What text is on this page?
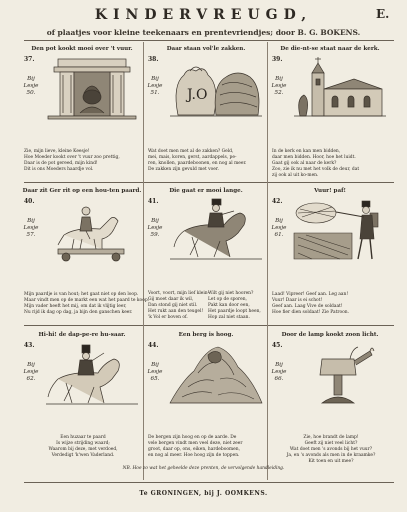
KINDERVREUGD,	E.
of plaatjes voor kleine teekenaars en prentevriendjes; door B. G. BOKENS.
Den pot kookt mooi over 't vuur.
37.
Bij
Lesje
50.
Zie, mijn lieve, kleine Keesje!
Hoe Moeder kookt over 't vuur zoo prettig,
Daar is de pot gereed, mijn kind!
Dit is ons Moeders haardje vol.
Daar staan vol'le zakken.
38.
Bij
Lesje
51.	J.O
Wat doet men met al de zakken? Geld,
mei, mais, koren, gerst, aardappels, pe-
ren, knollen, paardeboonen, en nog al meer.
De zakken zijn gevuld met voer.
De die-nt-se staat naar de kerk.
39.
Bij
Lesje
52.
In de kerk en kan men bidden,
daar men bidden. Hoor, hoe het luidt.
Gaat gij ook al naar de kerk?
Zoo, zie ik nu met het volk de deur, dat
zij ook al uit ko-men.
Daar zit Ger rit op een hou-ten paard.
40.
Bij
Lesje
57.
Mijn paardje is van hout; het gaat niet op den loop.
Maar vindt men op de markt een wat het paard te koop.
Mijn vader heeft het mij, om dat ik vlijtig leer,
Nu rijd ik dag op dag, ja bijn den ganschen keer.
Die gaat er mooi lange.
41.
Bij
Lesje
59.
Voort, voort, mijn lief klein-
Gij moet daar ik wil,
Dan stond gij niet stil.
Het rukt aan den teugel!
'k Vol er boven of.
Wilt gij niet hooren?
Let op de sporen,
Pakt kan door een,
Het paardje loopt heen,
Hop zal niet staan.
Vuur! paf!
42.
Bij
Lesje
61.
Laad! Vipreer! Geef aan. Leg aan!
Vuur! Daar is ei schot!
Geef aan. Laag Vive de soldaat!
Hoe fier dien soldaat! Zie Patroon.
Hi-hi! de dap-pe-re hu-saar.
43.
Bij
Lesje
62.
Een huzaar te paard
Is wijze strijding waard;
Waarom bij deze, met verdoed,
Verdedigt 'k'wen Vaderland.
Een berg is hoog.
44.
Bij
Lesje
65.
De bergen zijn hoog en op de aarde. De
vele bergen vindt men veel deze, niet zeer
groot, daar op, ons, eiken, hardeboomen,
en nog al meer. Hoe hoog zijn de toppen.
Door de lamp kookt zoon licht.
45.
Bij
Lesje
66.
Zie, hoe brandt de lamp!
Geeft zij niet veel licht?
Wat doet men 's avonds bij het vuur?
Ja, en 's avonds als men in de kraamke?
Kit toen en uit mee?
NB. Hoe zo wat het geheelde deze prenten, de vervolgende handleiding.
Te GRONINGEN, bij J. OOMKENS.
